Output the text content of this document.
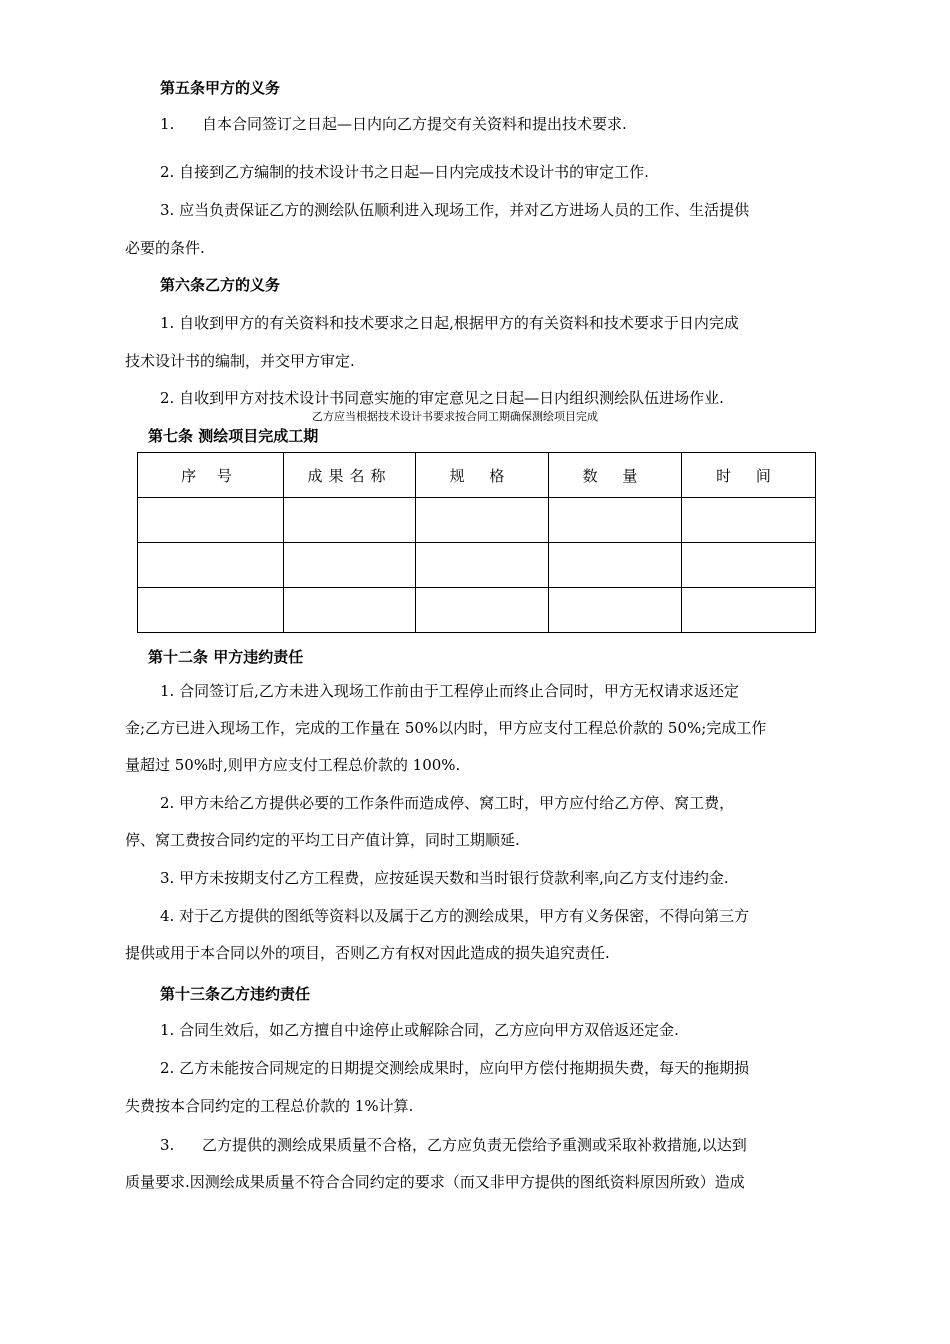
第五条甲方的义务
1. 自本合同签订之日起—日内向乙方提交有关资料和提出技术要求.
2. 自接到乙方编制的技术设计书之日起—日内完成技术设计书的审定工作.
3. 应当负责保证乙方的测绘队伍顺利进入现场工作，并对乙方进场人员的工作、生活提供
必要的条件.
第六条乙方的义务
1. 自收到甲方的有关资料和技术要求之日起,根据甲方的有关资料和技术要求于日内完成
技术设计书的编制，并交甲方审定.
2. 自收到甲方对技术设计书同意实施的审定意见之日起—日内组织测绘队伍进场作业.
乙方应当根据技术设计书要求按合同工期确保测绘项目完成
第七条 测绘项目完成工期
序 号	成果名称	规 格	数 量	时 间

第十二条 甲方违约责任
1. 合同签订后,乙方未进入现场工作前由于工程停止而终止合同时，甲方无权请求返还定
金;乙方已进入现场工作，完成的工作量在 50%以内时，甲方应支付工程总价款的 50%;完成工作
量超过 50%时,则甲方应支付工程总价款的 100%.
2. 甲方未给乙方提供必要的工作条件而造成停、窝工时，甲方应付给乙方停、窝工费，
停、窝工费按合同约定的平均工日产值计算，同时工期顺延.
3. 甲方未按期支付乙方工程费，应按延误天数和当时银行贷款利率,向乙方支付违约金.
4. 对于乙方提供的图纸等资料以及属于乙方的测绘成果，甲方有义务保密，不得向第三方
提供或用于本合同以外的项目，否则乙方有权对因此造成的损失追究责任.
第十三条乙方违约责任
1. 合同生效后，如乙方擅自中途停止或解除合同，乙方应向甲方双倍返还定金.
2. 乙方未能按合同规定的日期提交测绘成果时，应向甲方偿付拖期损失费，每天的拖期损
失费按本合同约定的工程总价款的 1%计算.
3. 乙方提供的测绘成果质量不合格，乙方应负责无偿给予重测或采取补救措施,以达到
质量要求.因测绘成果质量不符合合同约定的要求（而又非甲方提供的图纸资料原因所致）造成
